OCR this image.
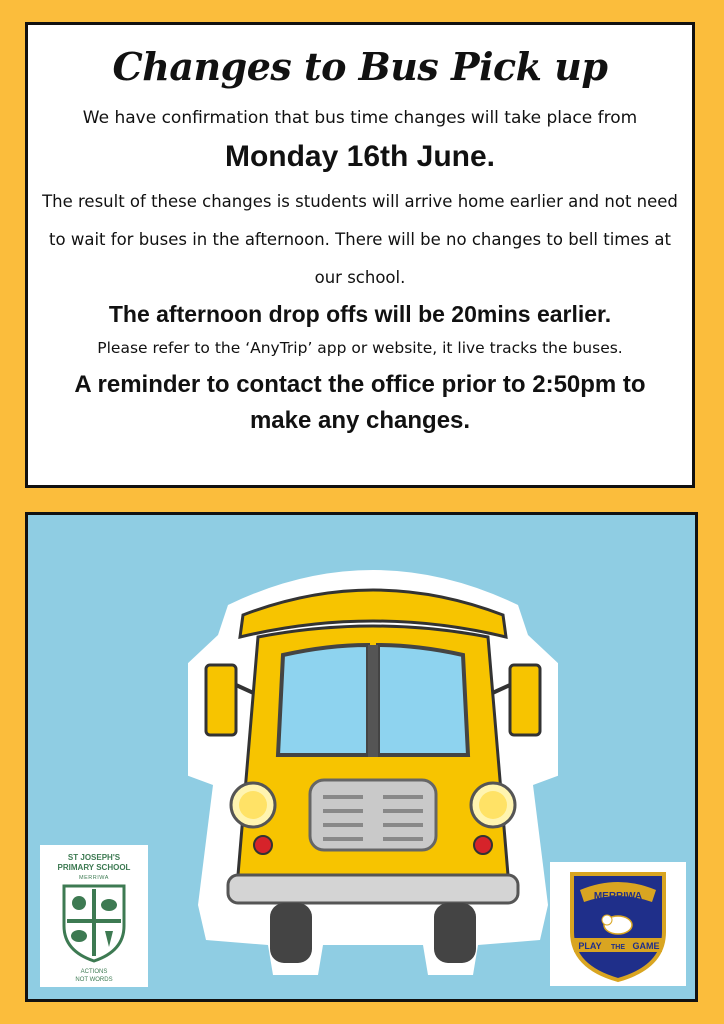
Changes to Bus Pick up

We have confirmation that bus time changes will take place from

Monday 16th June.

The result of these changes is students will arrive home earlier and not need to wait for buses in the afternoon. There will be no changes to bell times at our school.

The afternoon drop offs will be 20mins earlier.

Please refer to the ‘AnyTrip’ app or website, it live tracks the buses.

A reminder to contact the office prior to 2:50pm to make any changes.

ST JOSEPH'S
PRIMARY SCHOOL
MERRIWA
ACTIONS
NOT WORDS
MERRIWA
PLAY THE GAME
